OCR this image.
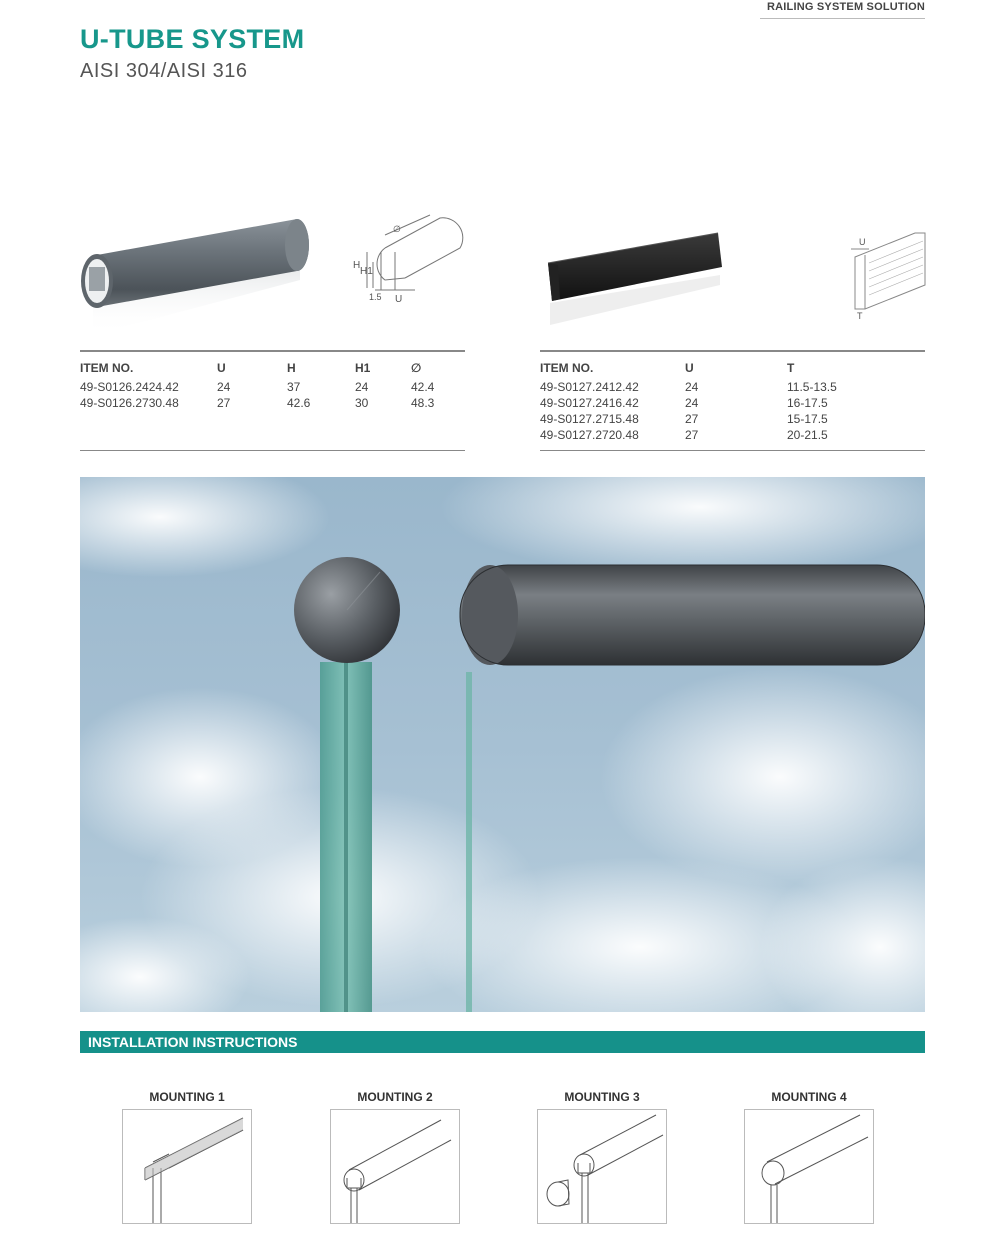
RAILING SYSTEM SOLUTION
U-TUBE SYSTEM
AISI 304/AISI 316
∅
H
H1
1.5 U
U
T
ITEM NO.	U	H	H1	∅
49-S0126.2424.42	24	37	24	42.4
49-S0126.2730.48	27	42.6	30	48.3
ITEM NO.	U	T
49-S0127.2412.42	24	11.5-13.5
49-S0127.2416.42	24	16-17.5
49-S0127.2715.48	27	15-17.5
49-S0127.2720.48	27	20-21.5
INSTALLATION INSTRUCTIONS
MOUNTING 1	MOUNTING 2	MOUNTING 3	MOUNTING 4
